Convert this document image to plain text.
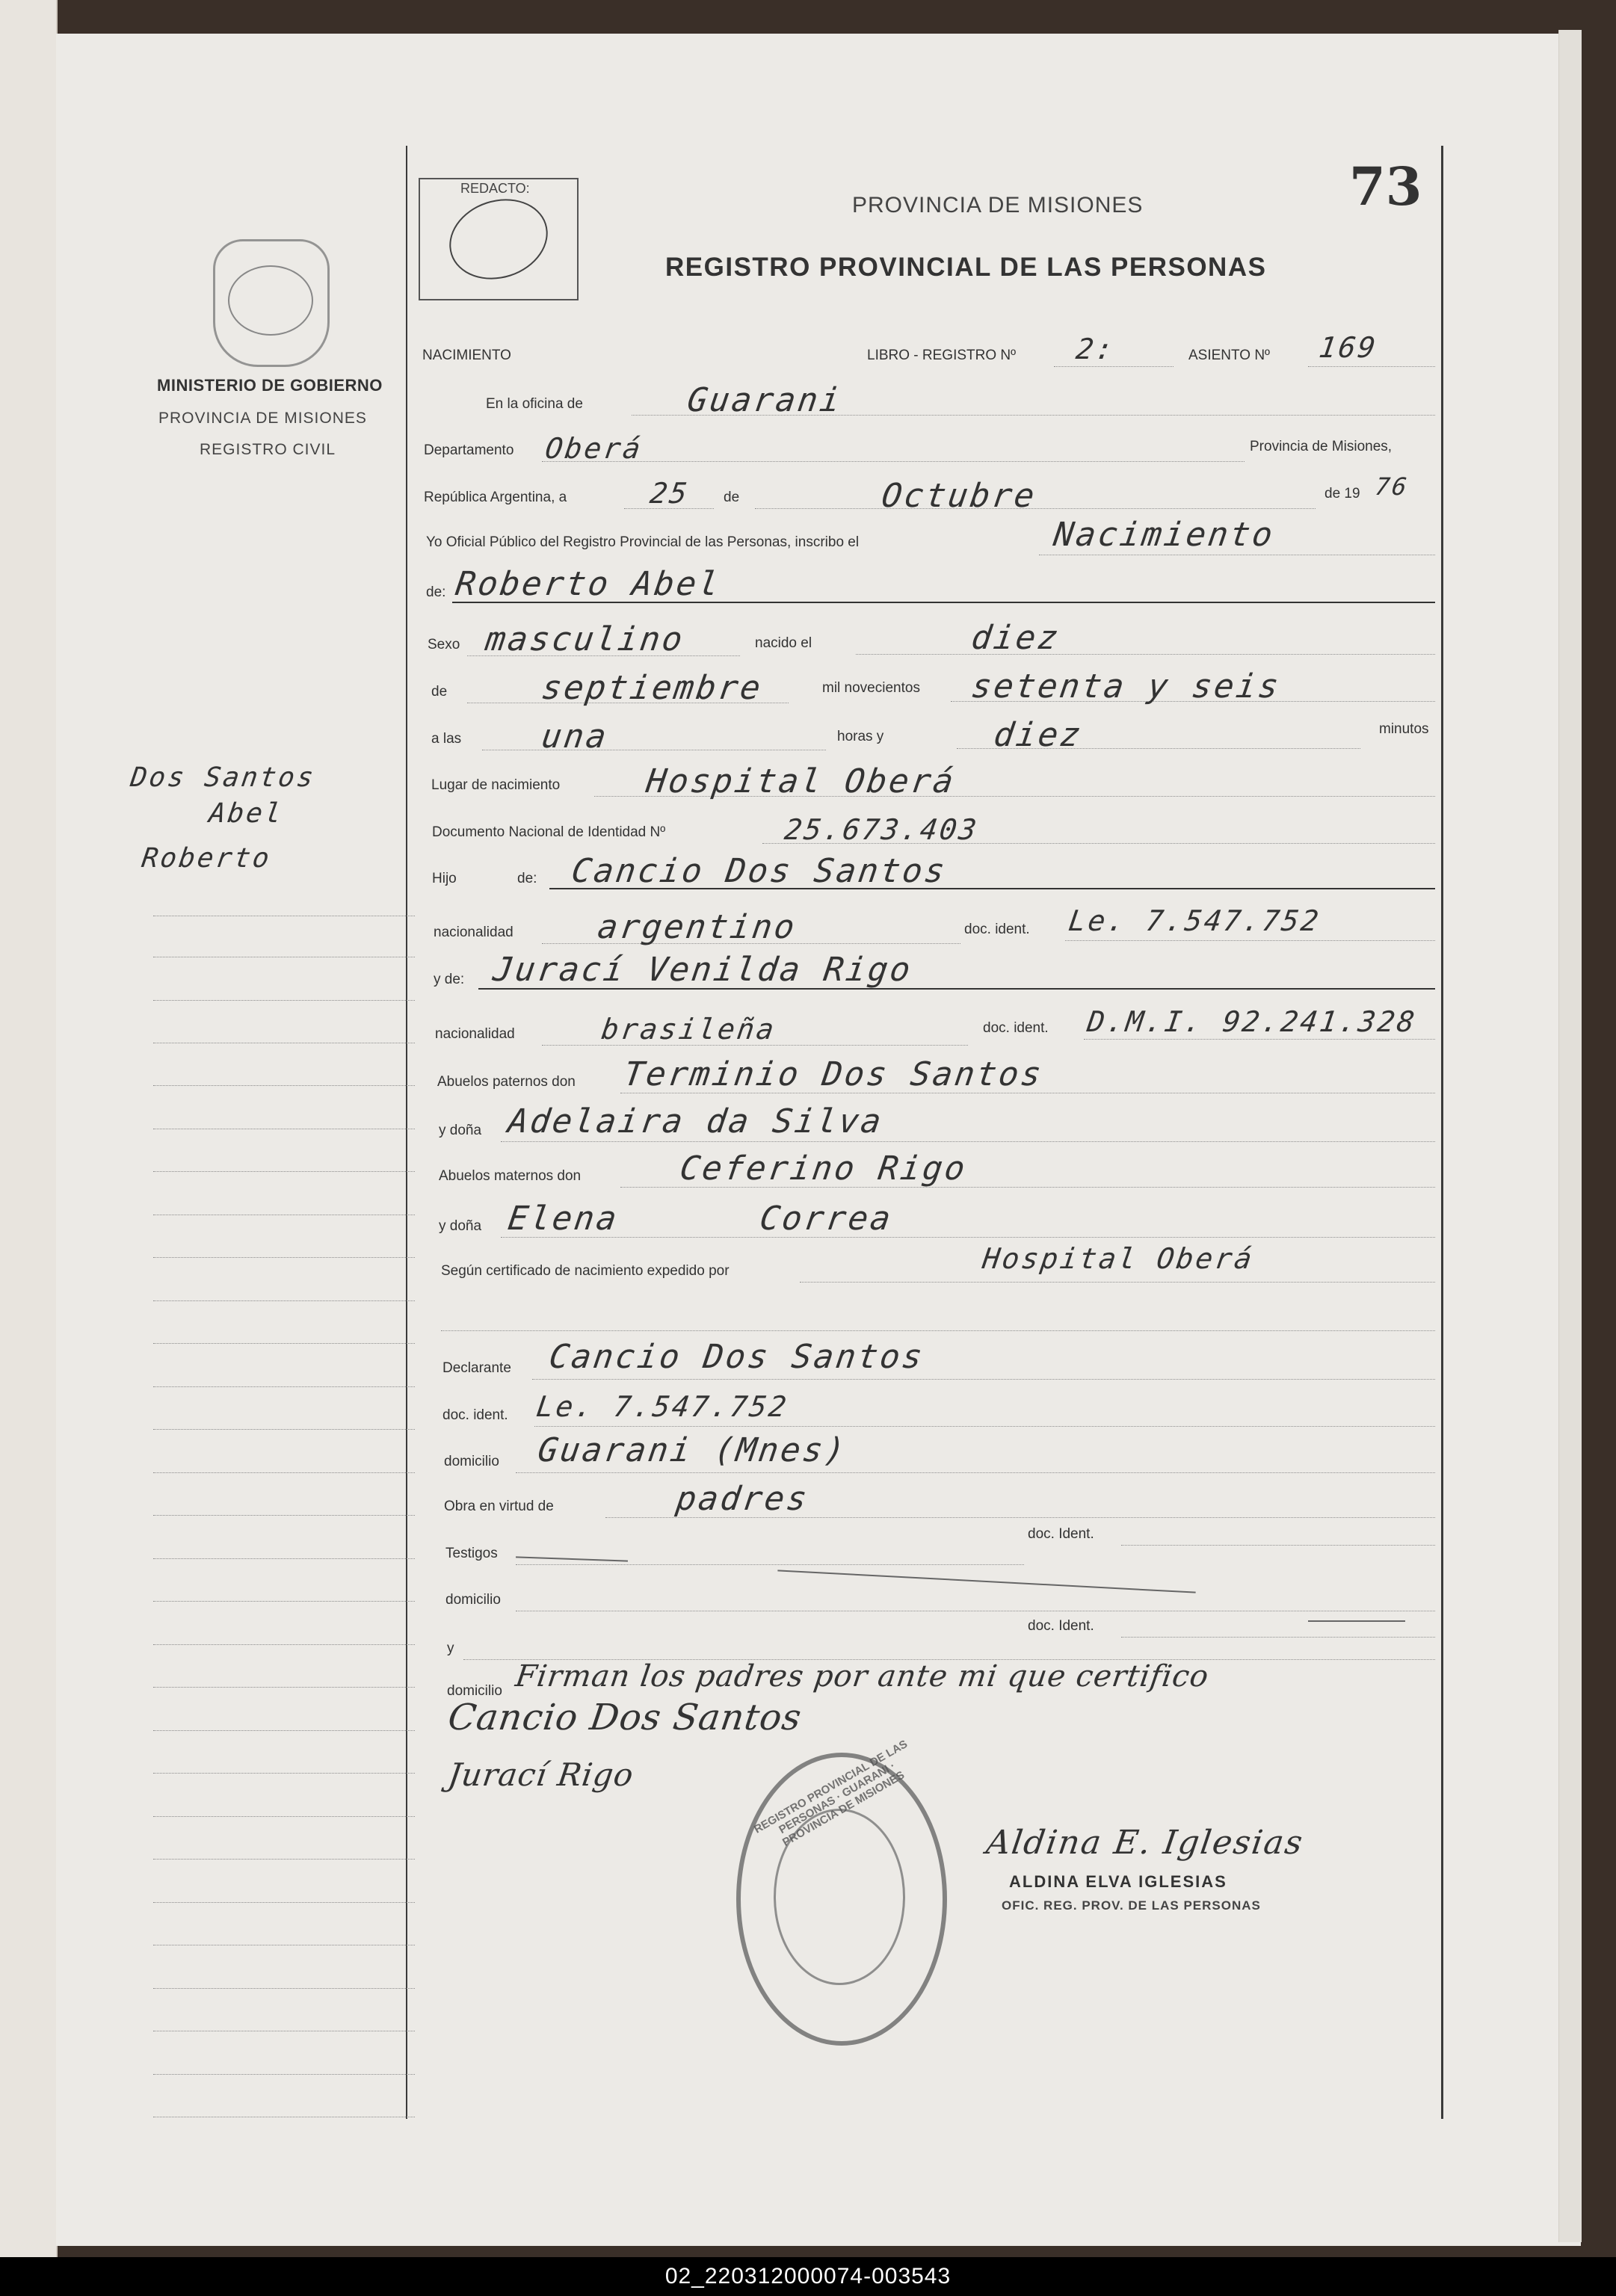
REDACTO:
PROVINCIA DE MISIONES
REGISTRO PROVINCIAL DE LAS PERSONAS
73
MINISTERIO DE GOBIERNO
PROVINCIA DE MISIONES
REGISTRO CIVIL
Dos Santos
Abel
Roberto
NACIMIENTO	LIBRO - REGISTRO Nº 2:	ASIENTO Nº 169
En la oficina de	Guarani
Departamento Oberá	Provincia de Misiones,
República Argentina, a	25 de	Octubre	de 19 76
Yo Oficial Público del Registro Provincial de las Personas, inscribo el	Nacimiento
de: Roberto Abel
Sexo masculino	nacido el	diez
de	septiembre	mil novecientos setenta y seis
a las una	horas y	diez	minutos
Lugar de nacimiento	Hospital Oberá
Documento Nacional de Identidad Nº	25.673.403
Hijo	de: Cancio Dos Santos
nacionalidad argentino	doc. ident. Le. 7.547.752
y de: Jurací Venilda Rigo
nacionalidad	brasileña	doc. ident. D.M.I. 92.241.328
Abuelos paternos don Terminio Dos Santos
y doña Adelaira da Silva
Abuelos maternos don	Ceferino Rigo
y doña Elena Correa
Según certificado de nacimiento expedido por	Hospital Oberá
Declarante Cancio Dos Santos
doc. ident. Le. 7.547.752
domicilio Guarani (Mnes)
Obra en virtud de	padres
Testigos
doc. Ident.
domicilio
doc. Ident.
y
domicilio Firman los padres por ante mi que certifico
Cancio Dos Santos
Jurací Rigo	REGISTRO PROVINCIAL DE LAS PERSONAS · GUARANI · PROVINCIA DE MISIONES	Aldina E. Iglesias
ALDINA ELVA IGLESIAS
OFIC. REG. PROV. DE LAS PERSONAS
02_220312000074-003543
